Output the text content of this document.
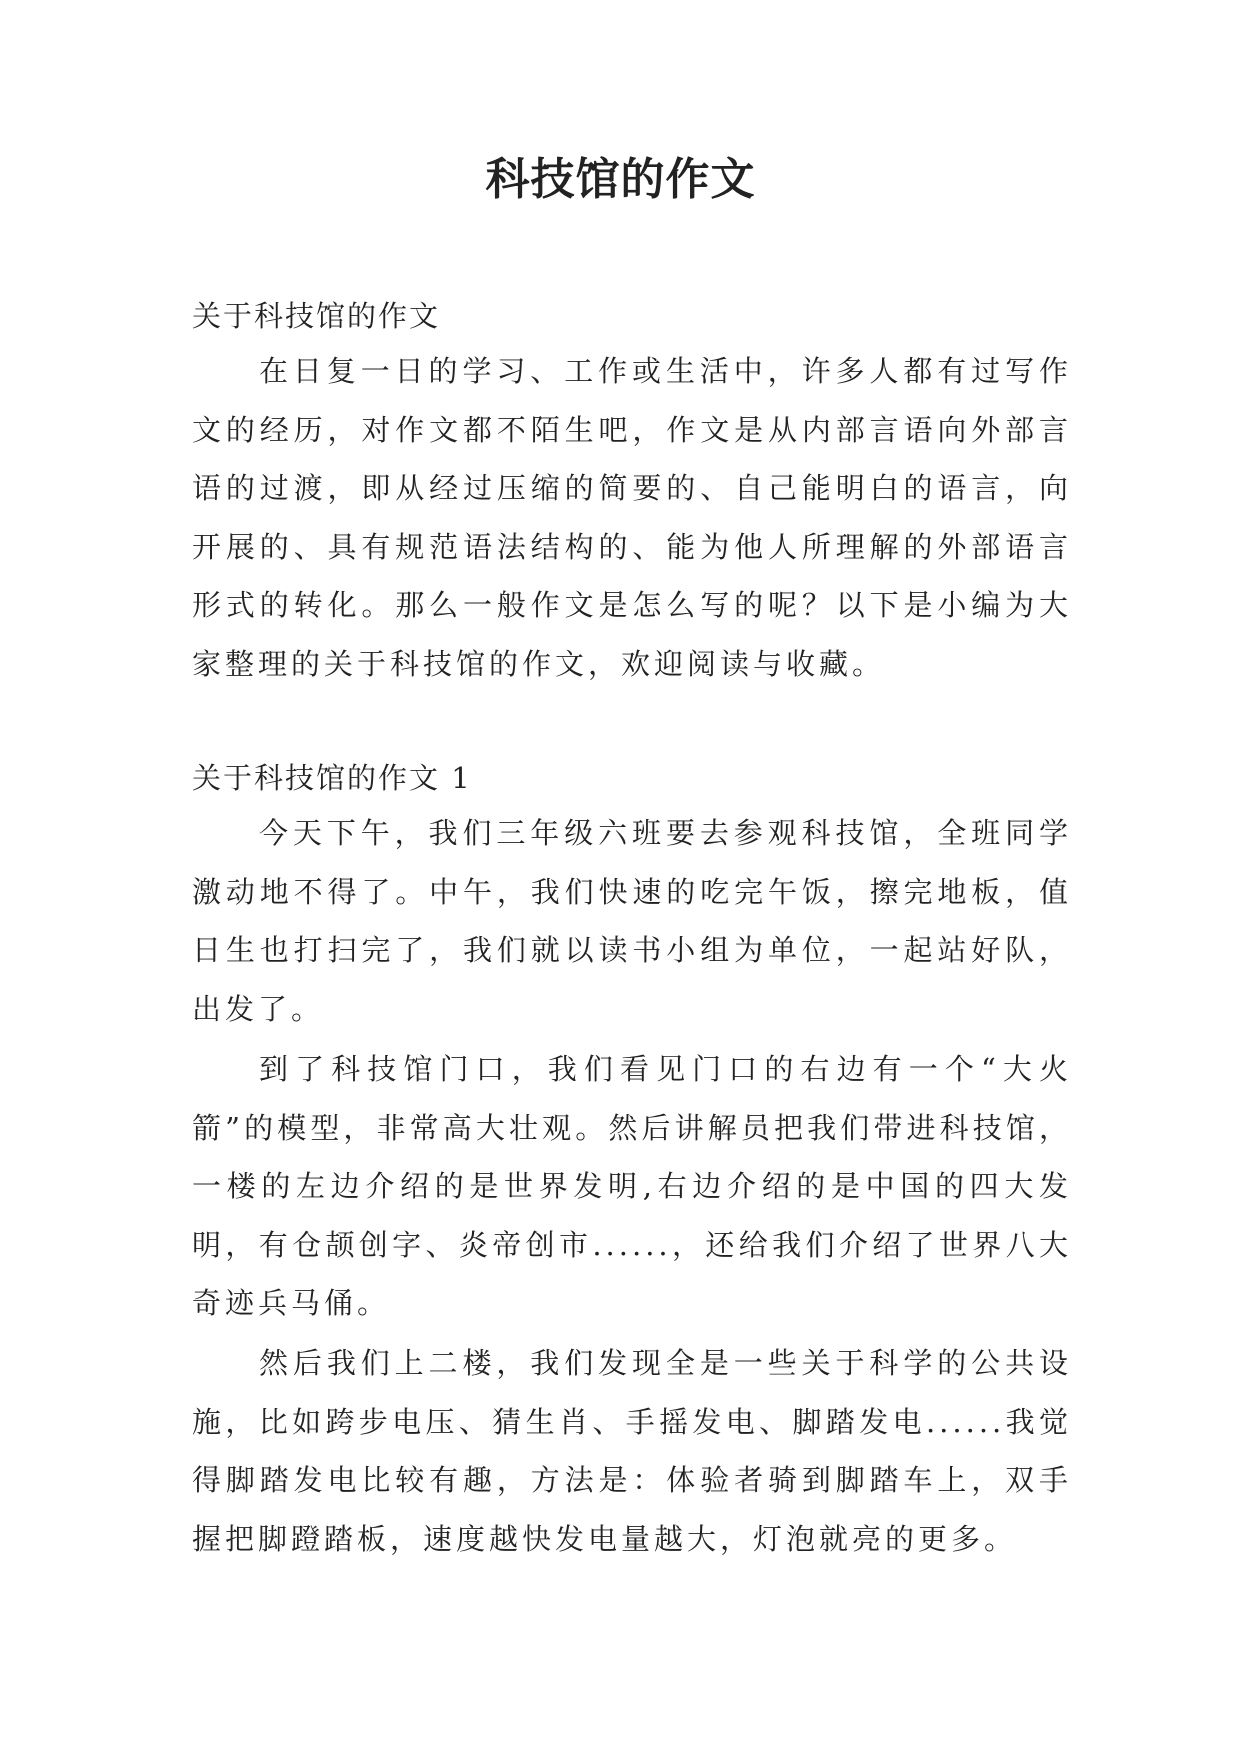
科技馆的作文

关于科技馆的作文

在日复一日的学习、工作或生活中，许多人都有过写作文的经历，对作文都不陌生吧，作文是从内部言语向外部言语的过渡，即从经过压缩的简要的、自己能明白的语言，向开展的、具有规范语法结构的、能为他人所理解的外部语言形式的转化。那么一般作文是怎么写的呢？以下是小编为大家整理的关于科技馆的作文，欢迎阅读与收藏。

关于科技馆的作文 1

今天下午，我们三年级六班要去参观科技馆，全班同学激动地不得了。中午，我们快速的吃完午饭，擦完地板，值日生也打扫完了，我们就以读书小组为单位，一起站好队，出发了。

到了科技馆门口，我们看见门口的右边有一个“大火箭”的模型，非常高大壮观。然后讲解员把我们带进科技馆，一楼的左边介绍的是世界发明,右边介绍的是中国的四大发明，有仓颉创字、炎帝创市......，还给我们介绍了世界八大奇迹兵马俑。

然后我们上二楼，我们发现全是一些关于科学的公共设施，比如跨步电压、猜生肖、手摇发电、脚踏发电......我觉得脚踏发电比较有趣，方法是：体验者骑到脚踏车上，双手握把脚蹬踏板，速度越快发电量越大，灯泡就亮的更多。
